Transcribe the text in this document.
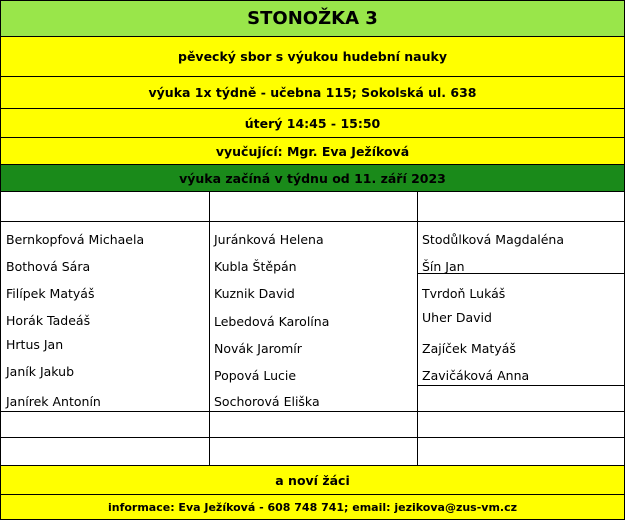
STONOŽKA 3
pěvecký sbor s výukou hudební nauky
výuka 1x týdně - učebna 115; Sokolská ul. 638
úterý 14:45 - 15:50
vyučující: Mgr. Eva Ježíková
výuka začíná v týdnu od 11. září 2023
Bernkopfová Michaela
Bothová Sára
Filípek Matyáš
Horák Tadeáš
Hrtus Jan
Janík Jakub
Janírek Antonín
Juránková Helena
Kubla Štěpán
Kuznik David
Lebedová Karolína
Novák Jaromír
Popová Lucie
Sochorová Eliška
Stodůlková Magdaléna
Šín Jan
Tvrdoň Lukáš
Uher David
Zajíček Matyáš
Zavičáková Anna
a noví žáci
informace: Eva Ježíková - 608 748 741; email: jezikova@zus-vm.cz
